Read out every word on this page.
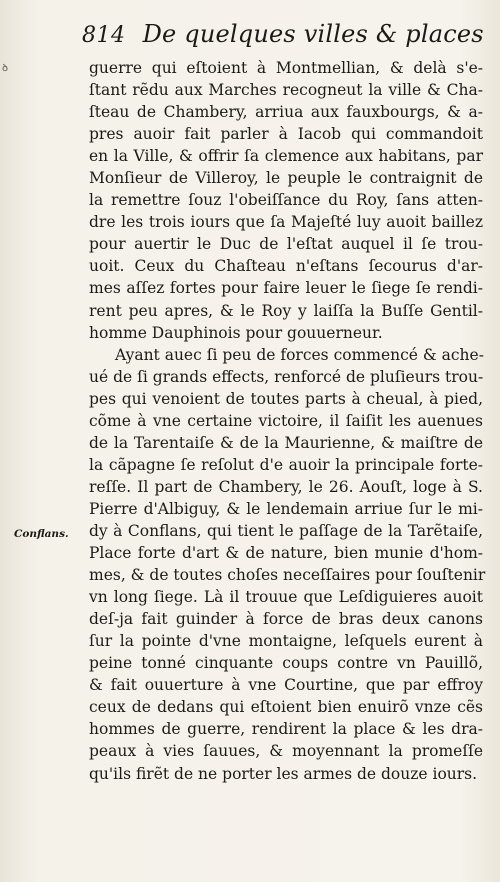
814 De quelques villes & places
ꝺ
Conflans.
guerre qui eſtoient à Montmellian, & delà s'e-
ſtant rẽdu aux Marches recogneut la ville & Cha-
ſteau de Chambery, arriua aux fauxbourgs, & a-
pres auoir fait parler à Iacob qui commandoit
en la Ville, & offrir ſa clemence aux habitans, par
Monſieur de Villeroy, le peuple le contraignit de
la remettre ſouz l'obeiſſance du Roy, ſans atten-
dre les trois iours que ſa Majeſté luy auoit baillez
pour auertir le Duc de l'eſtat auquel il ſe trou-
uoit. Ceux du Chaſteau n'eſtans ſecourus d'ar-
mes aſſez fortes pour faire leuer le ſiege ſe rendi-
rent peu apres, & le Roy y laiſſa la Buſſe Gentil-
homme Dauphinois pour gouuerneur.
Ayant auec ſi peu de forces commencé & ache-
ué de ſi grands effects, renforcé de pluſieurs trou-
pes qui venoient de toutes parts à cheual, à pied,
cõme à vne certaine victoire, il ſaiſit les auenues
de la Tarentaiſe & de la Maurienne, & maiſtre de
la cãpagne ſe reſolut d'e auoir la principale forte-
reſſe. Il part de Chambery, le 26. Aouſt, loge à S.
Pierre d'Albiguy, & le lendemain arriue ſur le mi-
dy à Conflans, qui tient le paſſage de la Tarẽtaiſe,
Place forte d'art & de nature, bien munie d'hom-
mes, & de toutes choſes neceſſaires pour ſouſtenir
vn long ſiege. Là il trouue que Leſdiguieres auoit
deſ-ja fait guinder à force de bras deux canons
ſur la pointe d'vne montaigne, leſquels eurent à
peine tonné cinquante coups contre vn Pauillõ,
& fait ouuerture à vne Courtine, que par effroy
ceux de dedans qui eſtoient bien enuirõ vnze cẽs
hommes de guerre, rendirent la place & les dra-
peaux à vies ſauues, & moyennant la promeſſe
qu'ils firẽt de ne porter les armes de douze iours.
